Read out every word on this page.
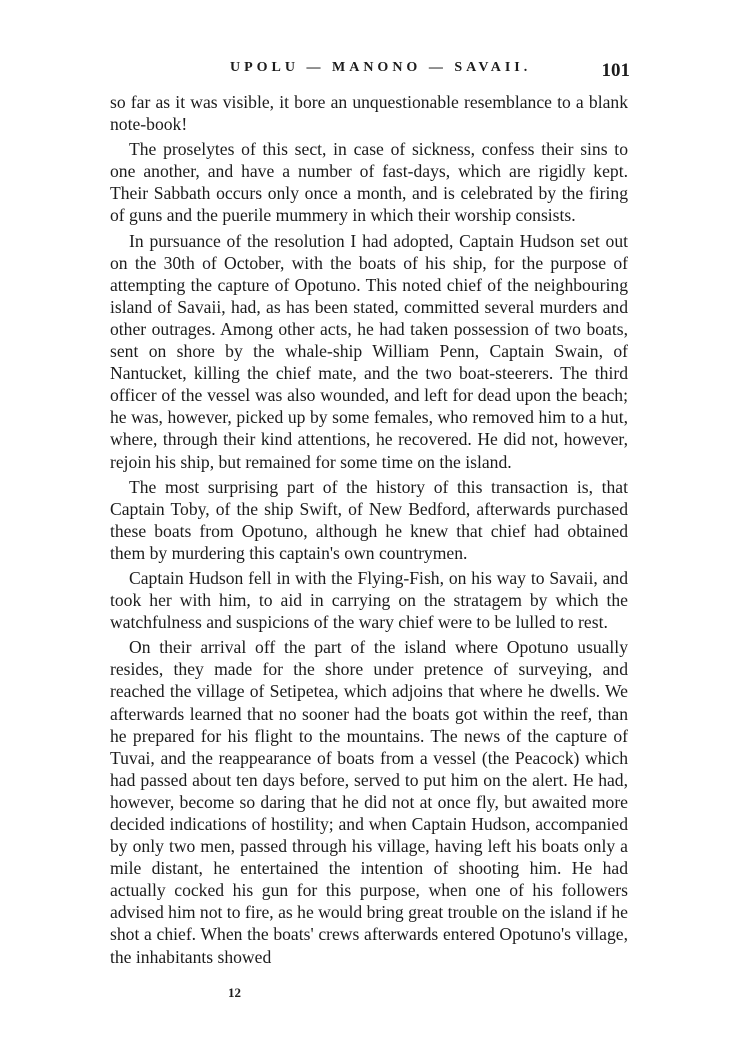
UPOLU — MANONO — SAVAII.	101

so far as it was visible, it bore an unquestionable resemblance to a blank note-book!

The proselytes of this sect, in case of sickness, confess their sins to one another, and have a number of fast-days, which are rigidly kept. Their Sabbath occurs only once a month, and is celebrated by the firing of guns and the puerile mummery in which their worship consists.

In pursuance of the resolution I had adopted, Captain Hudson set out on the 30th of October, with the boats of his ship, for the purpose of attempting the capture of Opotuno. This noted chief of the neighbouring island of Savaii, had, as has been stated, committed several murders and other outrages. Among other acts, he had taken possession of two boats, sent on shore by the whale-ship William Penn, Captain Swain, of Nantucket, killing the chief mate, and the two boat-steerers. The third officer of the vessel was also wounded, and left for dead upon the beach; he was, however, picked up by some females, who removed him to a hut, where, through their kind attentions, he recovered. He did not, however, rejoin his ship, but remained for some time on the island.

The most surprising part of the history of this transaction is, that Captain Toby, of the ship Swift, of New Bedford, afterwards purchased these boats from Opotuno, although he knew that chief had obtained them by murdering this captain's own countrymen.

Captain Hudson fell in with the Flying-Fish, on his way to Savaii, and took her with him, to aid in carrying on the stratagem by which the watchfulness and suspicions of the wary chief were to be lulled to rest.

On their arrival off the part of the island where Opotuno usually resides, they made for the shore under pretence of surveying, and reached the village of Setipetea, which adjoins that where he dwells. We afterwards learned that no sooner had the boats got within the reef, than he prepared for his flight to the mountains. The news of the capture of Tuvai, and the reappearance of boats from a vessel (the Peacock) which had passed about ten days before, served to put him on the alert. He had, however, become so daring that he did not at once fly, but awaited more decided indications of hostility; and when Captain Hudson, accompanied by only two men, passed through his village, having left his boats only a mile distant, he entertained the intention of shooting him. He had actually cocked his gun for this purpose, when one of his followers advised him not to fire, as he would bring great trouble on the island if he shot a chief. When the boats' crews afterwards entered Opotuno's village, the inhabitants showed

12
